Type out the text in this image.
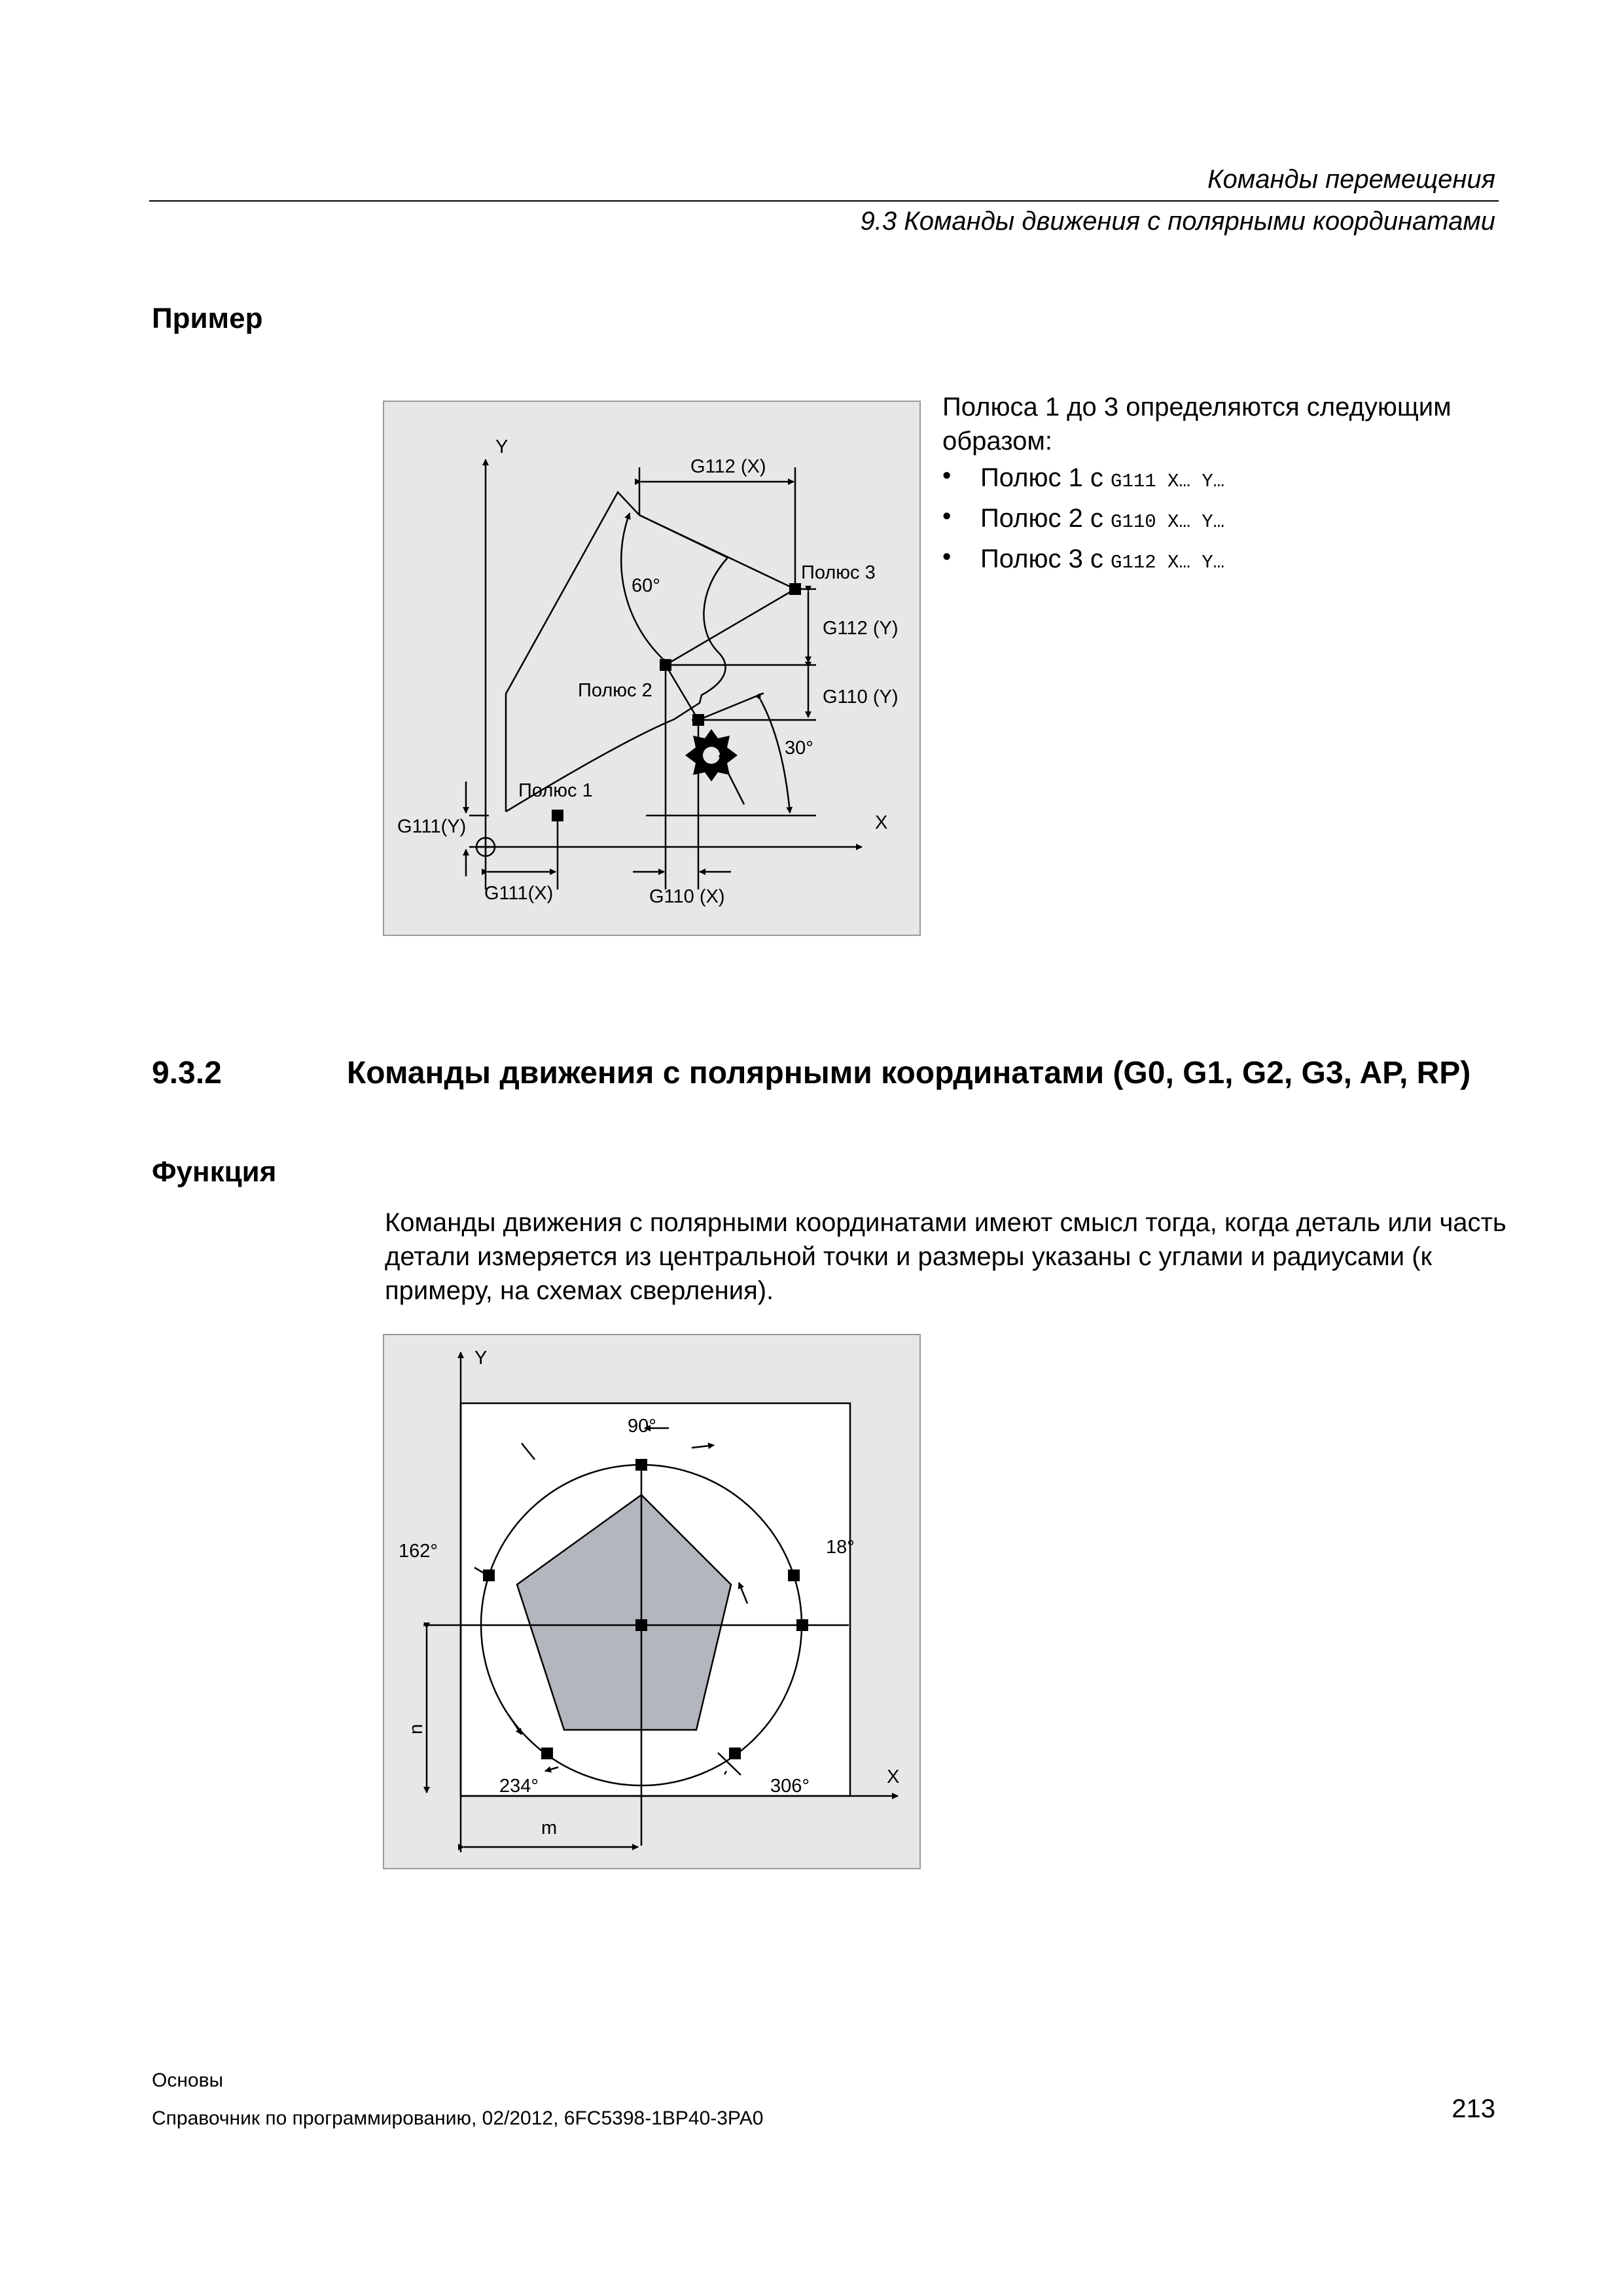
Команды перемещения
9.3 Команды движения с полярными координатами
Пример
Y
X
G112 (X)
Полюс 3
60°
G112 (Y)
Полюс 2	G110 (Y)
30°
Полюс 1
G111(Y)
G111(X)	G110 (X)
Полюса 1 до 3 определяются следующим образом:
• Полюс 1 с G111 X… Y…
• Полюс 2 с G110 X… Y…
• Полюс 3 с G112 X… Y…
9.3.2	Команды движения с полярными координатами (G0, G1, G2, G3, AP, RP)
Функция
Команды движения с полярными координатами имеют смысл тогда, когда деталь или часть детали измеряется из центральной точки и размеры указаны с углами и радиусами (к примеру, на схемах сверления).
Y
X
90°
18°
162°
234°	306°
n
m
Основы
Справочник по программированию, 02/2012, 6FC5398-1BP40-3PA0	213
